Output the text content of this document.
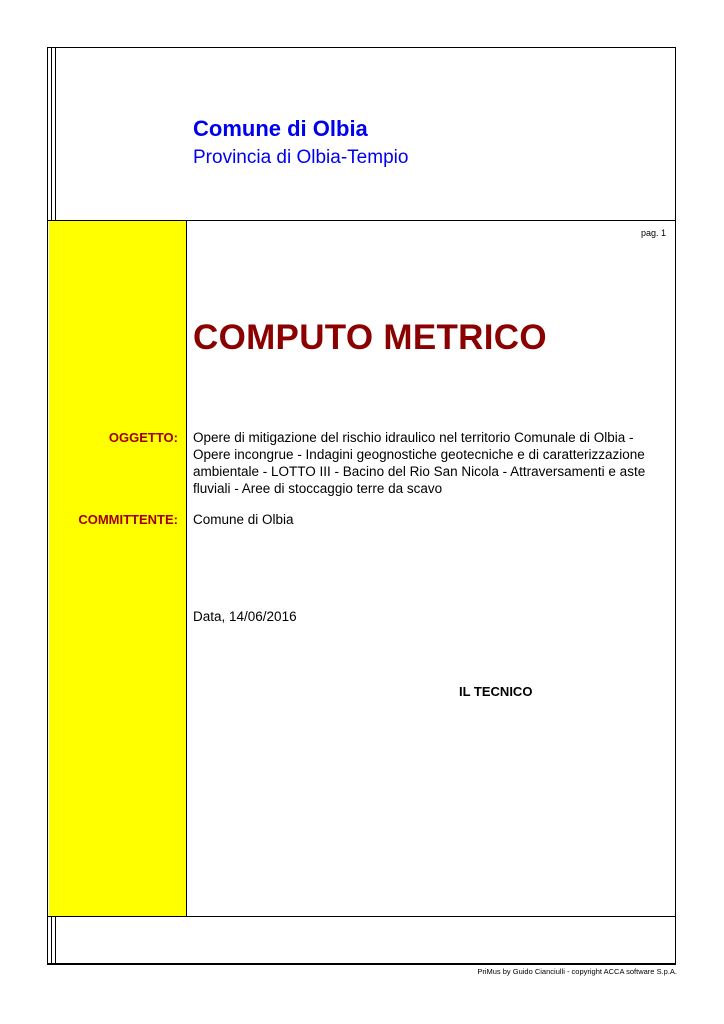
Comune di Olbia
Provincia di Olbia-Tempio
pag. 1
COMPUTO METRICO
OGGETTO: Opere di mitigazione del rischio idraulico nel territorio Comunale di Olbia - Opere incongrue - Indagini geognostiche geotecniche e di caratterizzazione ambientale - LOTTO III - Bacino del Rio San Nicola - Attraversamenti e aste fluviali - Aree di stoccaggio terre da scavo
COMMITTENTE: Comune di Olbia
Data, 14/06/2016
IL TECNICO
PriMus by Guido Cianciulli - copyright ACCA software S.p.A.
